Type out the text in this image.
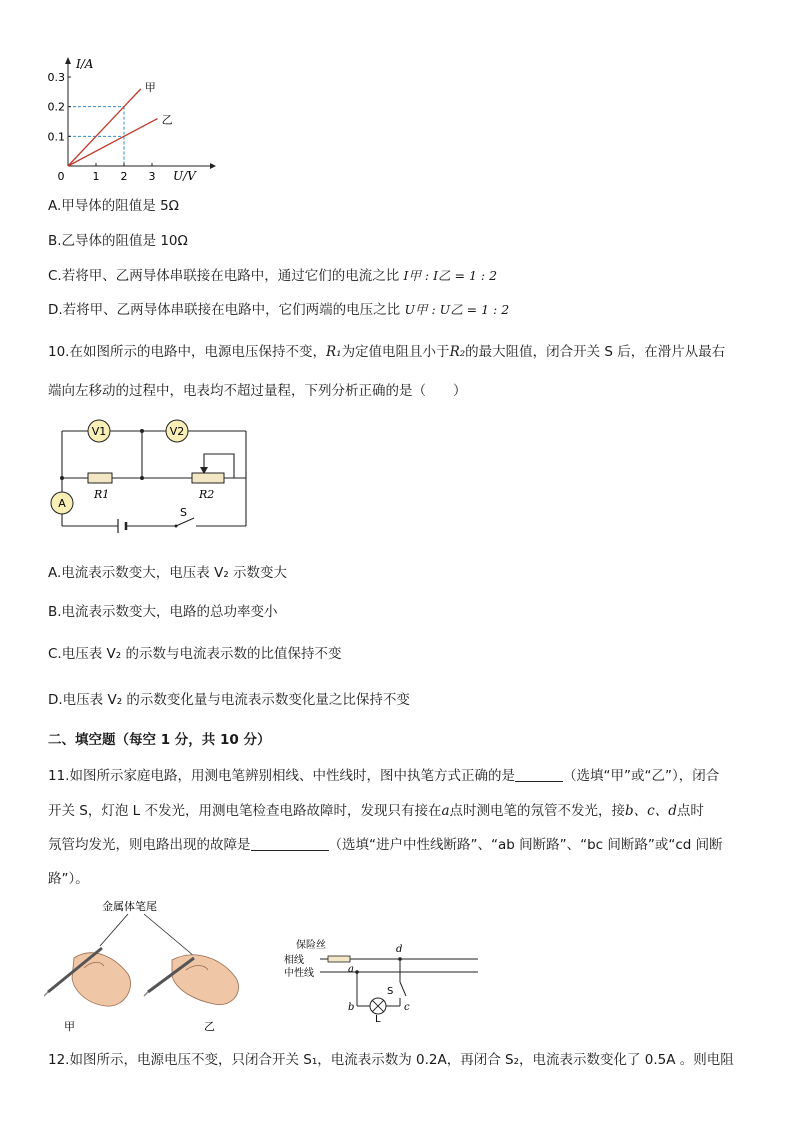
甲
乙
1 2 3
0.1
0.2
0.3
I/A
U/V
0
A.甲导体的阻值是 5Ω
B.乙导体的阻值是 10Ω
C.若将甲、乙两导体串联接在电路中，通过它们的电流之比 I甲 : I乙 = 1 : 2
D.若将甲、乙两导体串联接在电路中，它们两端的电压之比 U甲 : U乙 = 1 : 2
10.在如图所示的电路中，电源电压保持不变，R₁为定值电阻且小于R₂的最大阻值，闭合开关 S 后，在滑片从最右
端向左移动的过程中，电表均不超过量程，下列分析正确的是（　　）
S
R1	R2
V1	V2
A
A.电流表示数变大，电压表 V₂ 示数变大
B.电流表示数变大，电路的总功率变小
C.电压表 V₂ 的示数与电流表示数的比值保持不变
D.电压表 V₂ 的示数变化量与电流表示数变化量之比保持不变
二、填空题（每空 1 分，共 10 分）
11.如图所示家庭电路，用测电笔辨别相线、中性线时，图中执笔方式正确的是	（选填“甲”或“乙”），闭合
开关 S，灯泡 L 不发光，用测电笔检查电路故障时，发现只有接在a点时测电笔的氖管不发光，接b、c、d点时
氖管均发光，则电路出现的故障是	（选填“进户中性线断路”、“ab 间断路”、“bc 间断路”或“cd 间断
路”）。
金属体笔尾
甲	乙
保险丝
相线
中性线
L
S
a
b	c
d
12.如图所示，电源电压不变，只闭合开关 S₁，电流表示数为 0.2A，再闭合 S₂，电流表示数变化了 0.5A 。则电阻
